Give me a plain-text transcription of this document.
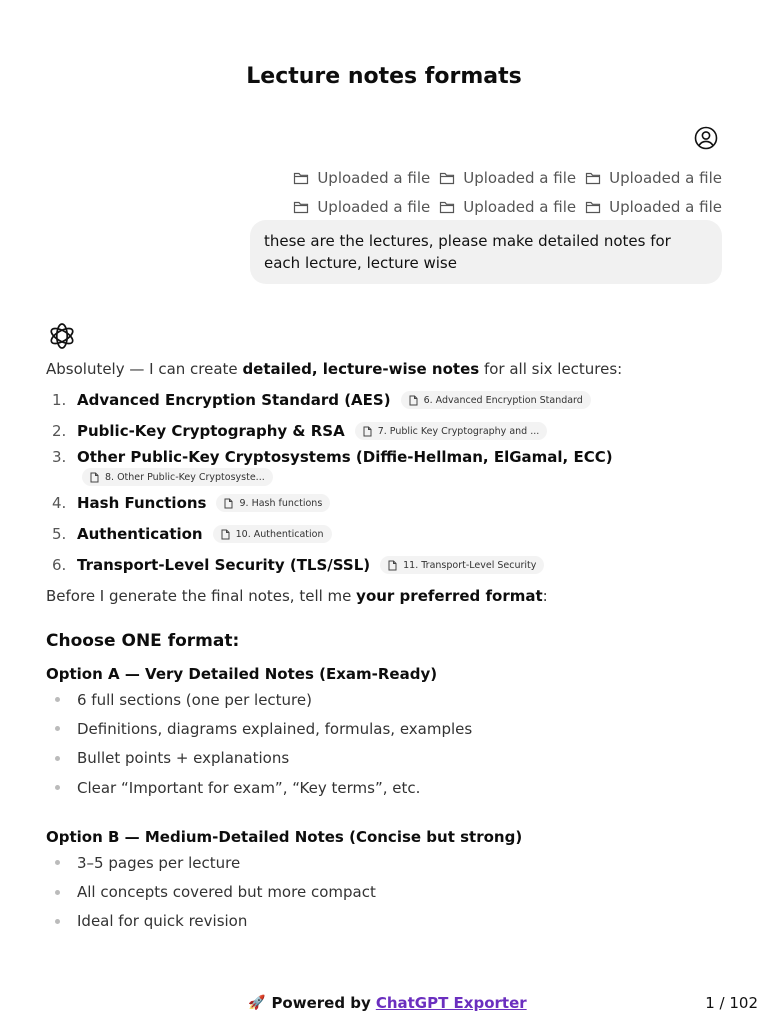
Lecture notes formats
Uploaded a file Uploaded a file Uploaded a file
Uploaded a file Uploaded a file Uploaded a file
these are the lectures, please make detailed notes for each lecture, lecture wise

Absolutely — I can create detailed, lecture-wise notes for all six lectures:

1. Advanced Encryption Standard (AES)	6. Advanced Encryption Standard
2. Public-Key Cryptography & RSA	7. Public Key Cryptography and ...
3. Other Public-Key Cryptosystems (Diffie-Hellman, ElGamal, ECC)
8. Other Public-Key Cryptosyste...
4. Hash Functions	9. Hash functions
5. Authentication	10. Authentication
6. Transport-Level Security (TLS/SSL)	11. Transport-Level Security

Before I generate the final notes, tell me your preferred format:

Choose ONE format:
Option A — Very Detailed Notes (Exam-Ready)
6 full sections (one per lecture)
Definitions, diagrams explained, formulas, examples
Bullet points + explanations
Clear “Important for exam”, “Key terms”, etc.
Option B — Medium-Detailed Notes (Concise but strong)
3–5 pages per lecture
All concepts covered but more compact
Ideal for quick revision
🚀 Powered by ChatGPT Exporter	1 / 102
